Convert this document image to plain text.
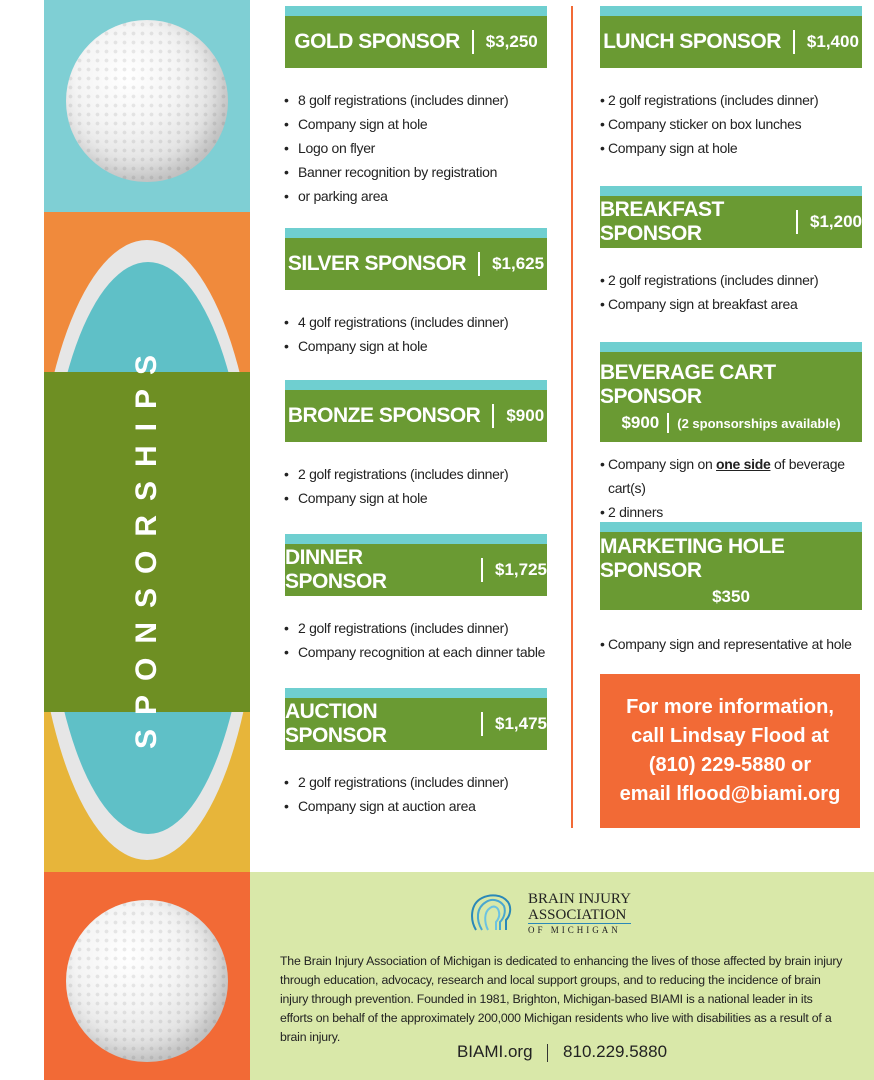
SPONSORSHIPS
GOLD SPONSOR $3,250
• 8 golf registrations (includes dinner)
• Company sign at hole
• Logo on flyer
• Banner recognition by registration
• or parking area
SILVER SPONSOR $1,625
• 4 golf registrations (includes dinner)
• Company sign at hole
BRONZE SPONSOR $900
• 2 golf registrations (includes dinner)
• Company sign at hole
DINNER SPONSOR
$1,725
• 2 golf registrations (includes dinner)
• Company recognition at each dinner table
AUCTION SPONSOR
$1,475
• 2 golf registrations (includes dinner)
• Company sign at auction area
LUNCH SPONSOR $1,400
• 2 golf registrations (includes dinner)
• Company sticker on box lunches
• Company sign at hole
BREAKFAST SPONSOR
$1,200
• 2 golf registrations (includes dinner)
• Company sign at breakfast area
BEVERAGE CART SPONSOR
$900 (2 sponsorships available)
• Company sign on one side of beverage cart(s)
• 2 dinners
MARKETING HOLE SPONSOR
$350
• Company sign and representative at hole
For more information,
call Lindsay Flood at
(810) 229-5880 or
email lflood@biami.org
BRAIN INJURY
ASSOCIATION
OF MICHIGAN
The Brain Injury Association of Michigan is dedicated to enhancing the lives of those affected by brain injury through education, advocacy, research and local support groups, and to reducing the incidence of brain injury through prevention. Founded in 1981, Brighton, Michigan-based BIAMI is a national leader in its efforts on behalf of the approximately 200,000 Michigan residents who live with disabilities as a result of a brain injury.
BIAMI.org 810.229.5880
